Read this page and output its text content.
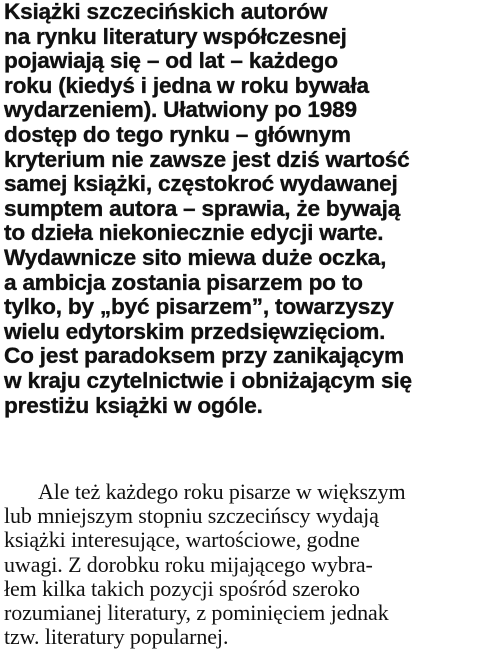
Książki szczecińskich autorów
na rynku literatury współczesnej
pojawiają się – od lat – każdego
roku (kiedyś i jedna w roku bywała
wydarzeniem). Ułatwiony po 1989
dostęp do tego rynku – głównym
kryterium nie zawsze jest dziś wartość
samej książki, częstokroć wydawanej
sumptem autora – sprawia, że bywają
to dzieła niekoniecznie edycji warte.
Wydawnicze sito miewa duże oczka,
a ambicja zostania pisarzem po to
tylko, by „być pisarzem”, towarzyszy
wielu edytorskim przedsięwzięciom.
Co jest paradoksem przy zanikającym
w kraju czytelnictwie i obniżającym się
prestiżu książki w ogóle.
Ale też każdego roku pisarze w większym
lub mniejszym stopniu szczecińscy wydają
książki interesujące, wartościowe, godne
uwagi. Z dorobku roku mijającego wybra-
łem kilka takich pozycji spośród szeroko
rozumianej literatury, z pominięciem jednak
tzw. literatury popularnej.
